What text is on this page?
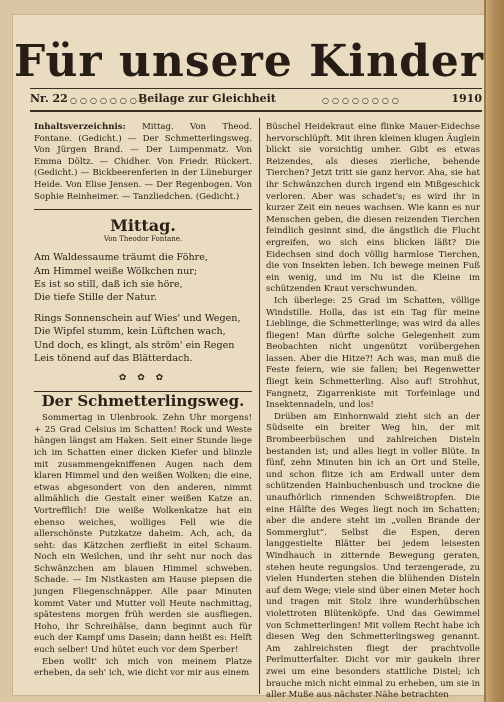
Für unsere Kinder
Nr. 22 ○○○○○○○○
Beilage zur Gleichheit	○○○○○○○○	1910
Inhaltsverzeichnis: Mittag. Von Theod. Fontane. (Gedicht.) — Der Schmetterlingsweg. Von Jürgen Brand. — Der Lumpenmatz. Von Emma Döltz. — Chidher. Von Friedr. Rückert. (Gedicht.) — Bickbeerenferien in der Lüneburger Heide. Von Elise Jensen. — Der Regenbogen. Von Sophie Reinheimer. — Tanzliedchen. (Gedicht.)
Mittag.
Von Theodor Fontane.
Am Waldessaume träumt die Föhre,
Am Himmel weiße Wölkchen nur;
Es ist so still, daß ich sie höre,
Die tiefe Stille der Natur.
Rings Sonnenschein auf Wies' und Wegen,
Die Wipfel stumm, kein Lüftchen wach,
Und doch, es klingt, als ström' ein Regen
Leis tönend auf das Blätterdach.
✿ ✿ ✿
Der Schmetterlingsweg.

Sommertag in Ulenbrook. Zehn Uhr morgens! + 25 Grad Celsius im Schatten! Rock und Weste hängen längst am Haken. Seit einer Stunde liege ich im Schatten einer dicken Kiefer und blinzle mit zusammengekniffenen Augen nach dem klaren Himmel und den weißen Wolken; die eine, etwas abgesondert von den anderen, nimmt allmählich die Gestalt einer weißen Katze an. Vortrefflich! Die weiße Wolkenkatze hat ein ebenso weiches, wolliges Fell wie die allerschönste Putzkatze daheim. Ach, ach, da seht: das Kätzchen zerfließt in eitel Schaum. Noch ein Weilchen, und ihr seht nur noch das Schwänzchen am blauen Himmel schweben. Schade. — Im Nistkasten am Hause piepsen die jungen Fliegenschnäpper. Alle paar Minuten kommt Vater und Mutter voll Heute nachmittag, spätestens morgen früh werden sie ausfliegen. Hoho, ihr Schreihälse, dann beginnt auch für euch der Kampf ums Dasein; dann heißt es: Helft euch selber! Und hütet euch vor dem Sperber!

Eben wollt' ich mich von meinem Platze erheben, da seh' ich, wie dicht vor mir aus einem

Büschel Heidekraut eine flinke Mauer-Eidechse hervorschlüpft. Mit ihren kleinen klugen Äuglein blickt sie vorsichtig umher. Gibt es etwas Reizendes, als dieses zierliche, behende Tierchen? Jetzt tritt sie ganz hervor. Aha, sie hat ihr Schwänzchen durch irgend ein Mißgeschick verloren. Aber was schadet's; es wird ihr in kurzer Zeit ein neues wachsen. Wie kann es nur Menschen geben, die diesen reizenden Tierchen feindlich gesinnt sind, die ängstlich die Flucht ergreifen, wo sich eins blicken läßt? Die Eidechsen sind doch völlig harmlose Tierchen, die von Insekten leben. Ich bewege meinen Fuß ein wenig, und im Nu ist die Kleine im schützenden Kraut verschwunden.

Ich überlege: 25 Grad im Schatten, völlige Windstille. Holla, das ist ein Tag für meine Lieblinge, die Schmetterlinge; was wird da alles fliegen! Man dürfte solche Gelegenheit zum Beobachten nicht ungenützt vorübergehen lassen. Aber die Hitze?! Ach was, man muß die Feste feiern, wie sie fallen; bei Regenwetter fliegt kein Schmetterling. Also auf! Strohhut, Fangnetz, Zigarrenkiste mit Torfeinlage und Insektennadeln, und los!

Drüben am Einhornwald zieht sich an der Südseite ein breiter Weg hin, der mit Brombeerbüschen und zahlreichen Disteln bestanden ist; und alles liegt in voller Blüte. In fünf, zehn Minuten bin ich an Ort und Stelle, und schon flitze ich am Erdwall unter dem schützenden Hainbuchenbusch und trockne die unaufhörlich rinnenden Schweißtropfen. Die eine Hälfte des Weges liegt noch im Schatten; aber die andere steht im „vollen Brande der Sommerglut“. Selbst die Espen, deren langgestielte Blätter bei jedem leisesten Windhauch in zitternde Bewegung geraten, stehen heute regungslos. Und terzengerade, zu vielen Hunderten stehen die blühenden Disteln auf dem Wege; viele sind über einen Meter hoch und tragen mit Stolz ihre wunderhübschen violettroten Blütenköpfe. Und das Gewimmel von Schmetterlingen! Mit vollem Recht habe ich diesen Weg den Schmetterlingsweg genannt. Am zahlreichsten fliegt der prachtvolle Perlmutterfalter. Dicht vor mir gaukeln ihrer zwei um eine besonders stattliche Distel; ich brauche mich nicht einmal zu erheben, um sie in aller Muße aus nächster Nähe betrachten
